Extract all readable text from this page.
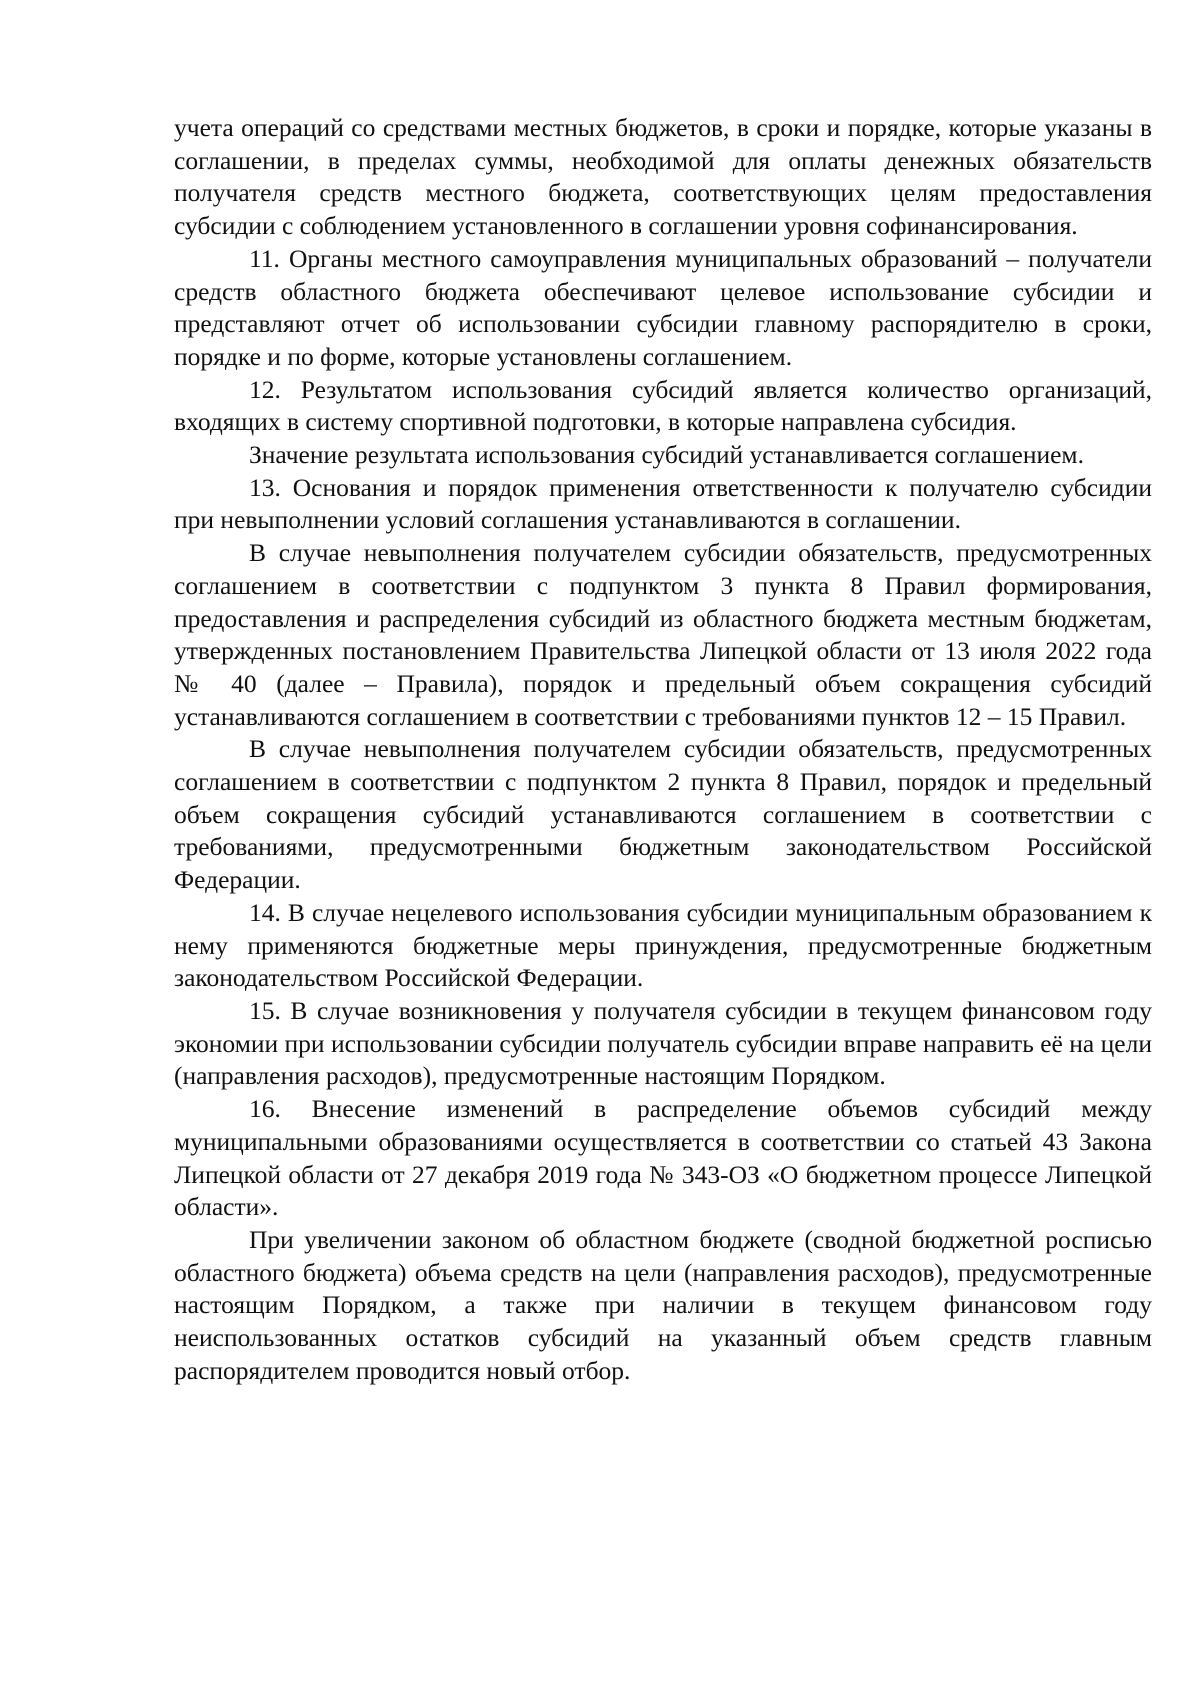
учета операций со средствами местных бюджетов, в сроки и порядке, которые указаны в соглашении, в пределах суммы, необходимой для оплаты денежных обязательств получателя средств местного бюджета, соответствующих целям предоставления субсидии с соблюдением установленного в соглашении уровня софинансирования.

11. Органы местного самоуправления муниципальных образований – получатели средств областного бюджета обеспечивают целевое использование субсидии и представляют отчет об использовании субсидии главному распорядителю в сроки, порядке и по форме, которые установлены соглашением.

12. Результатом использования субсидий является количество организаций, входящих в систему спортивной подготовки, в которые направлена субсидия.

Значение результата использования субсидий устанавливается соглашением.

13. Основания и порядок применения ответственности к получателю субсидии при невыполнении условий соглашения устанавливаются в соглашении.

В случае невыполнения получателем субсидии обязательств, предусмотренных соглашением в соответствии с подпунктом 3 пункта 8 Правил формирования, предоставления и распределения субсидий из областного бюджета местным бюджетам, утвержденных постановлением Правительства Липецкой области от 13 июля 2022 года № 40 (далее – Правила), порядок и предельный объем сокращения субсидий устанавливаются соглашением в соответствии с требованиями пунктов 12 – 15 Правил.

В случае невыполнения получателем субсидии обязательств, предусмотренных соглашением в соответствии с подпунктом 2 пункта 8 Правил, порядок и предельный объем сокращения субсидий устанавливаются соглашением в соответствии с требованиями, предусмотренными бюджетным законодательством Российской Федерации.

14. В случае нецелевого использования субсидии муниципальным образованием к нему применяются бюджетные меры принуждения, предусмотренные бюджетным законодательством Российской Федерации.

15. В случае возникновения у получателя субсидии в текущем финансовом году экономии при использовании субсидии получатель субсидии вправе направить её на цели (направления расходов), предусмотренные настоящим Порядком.

16. Внесение изменений в распределение объемов субсидий между муниципальными образованиями осуществляется в соответствии со статьей 43 Закона Липецкой области от 27 декабря 2019 года № 343-ОЗ «О бюджетном процессе Липецкой области».

При увеличении законом об областном бюджете (сводной бюджетной росписью областного бюджета) объема средств на цели (направления расходов), предусмотренные настоящим Порядком, а также при наличии в текущем финансовом году неиспользованных остатков субсидий на указанный объем средств главным распорядителем проводится новый отбор.
